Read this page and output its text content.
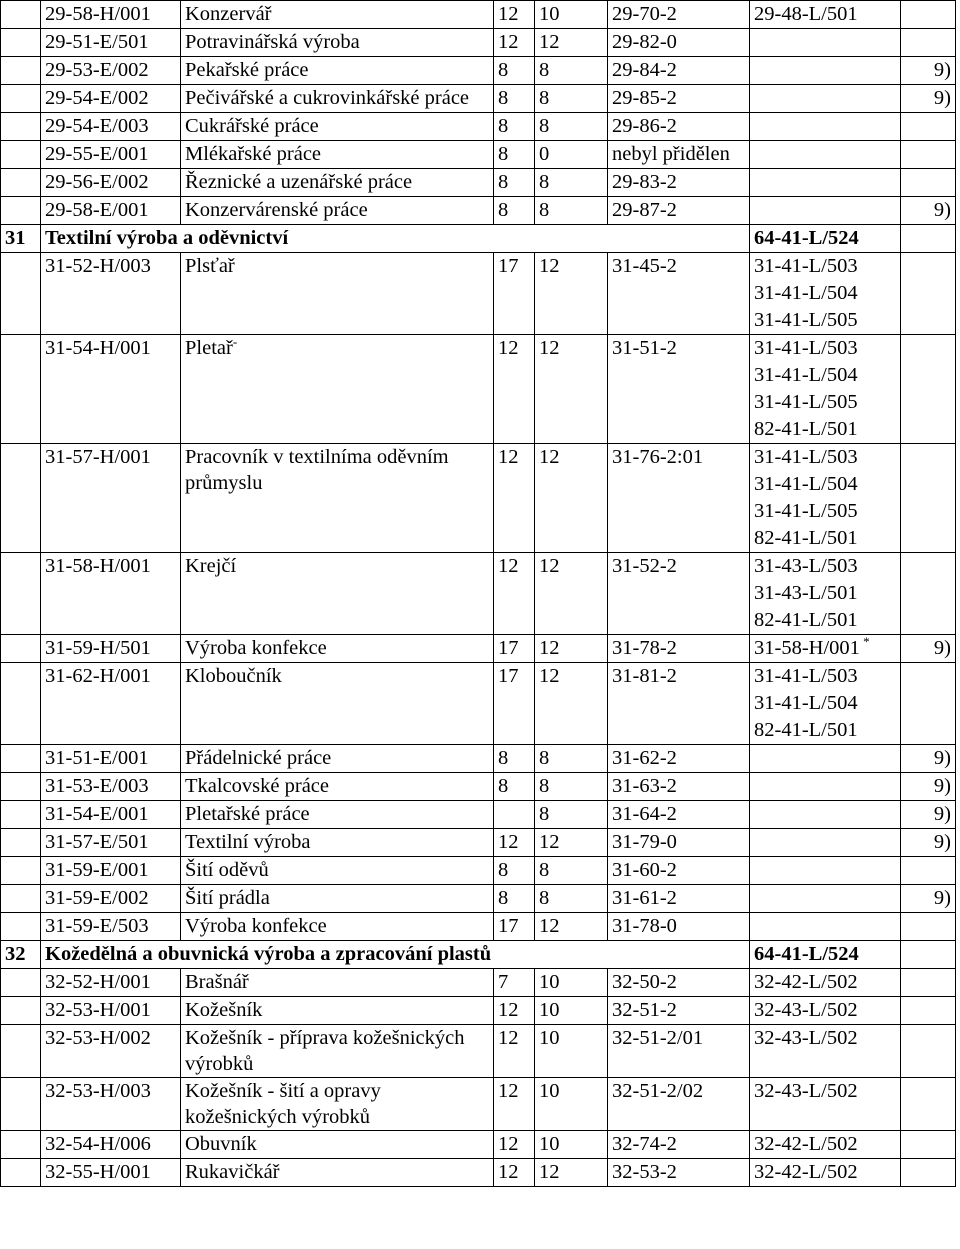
	29-58-H/001	Konzervář	12	10	29-70-2	29-48-L/501	

	29-51-E/501	Potravinářská výroba	12	12	29-82-0		
	29-53-E/002	Pekařské práce	8	8	29-84-2		9)
	29-54-E/002	Pečivářské a cukrovinkářské práce	8	8	29-85-2		9)
	29-54-E/003	Cukrářské práce	8	8	29-86-2		
	29-55-E/001	Mlékařské práce	8	0	nebyl přidělen		
	29-56-E/002	Řeznické a uzenářské práce	8	8	29-83-2		
	29-58-E/001	Konzervárenské práce	8	8	29-87-2		9)
31	Textilní výroba a oděvnictví					64-41-L/524	
	31-52-H/003	Plsťař	17	12	31-45-2	31-41-L/503
31-41-L/504
31-41-L/505	

	31-54-H/001	Pletař-	12	12	31-51-2	31-41-L/503
31-41-L/504
31-41-L/505
82-41-L/501	

	31-57-H/001	Pracovník v textilníma oděvním průmyslu	12	12	31-76-2:01	31-41-L/503
31-41-L/504
31-41-L/505
82-41-L/501	

	31-58-H/001	Krejčí	12	12	31-52-2	31-43-L/503
31-43-L/501
82-41-L/501	

	31-59-H/501	Výroba konfekce	17	12	31-78-2	31-58-H/001 *	9)
	31-62-H/001	Kloboučník	17	12	31-81-2	31-41-L/503
31-41-L/504
82-41-L/501	

	31-51-E/001	Přádelnické práce	8	8	31-62-2		9)
	31-53-E/003	Tkalcovské práce	8	8	31-63-2		9)
	31-54-E/001	Pletařské práce		8	31-64-2		9)
	31-57-E/501	Textilní výroba	12	12	31-79-0		9)
	31-59-E/001	Šití oděvů	8	8	31-60-2		
	31-59-E/002	Šití prádla	8	8	31-61-2		9)
	31-59-E/503	Výroba konfekce	17	12	31-78-0		
32	Kožedělná a obuvnická výroba a zpracování plastů					64-41-L/524	
	32-52-H/001	Brašnář	7	10	32-50-2	32-42-L/502	

	32-53-H/001	Kožešník	12	10	32-51-2	32-43-L/502	

	32-53-H/002	Kožešník - příprava kožešnických výrobků	12	10	32-51-2/01	32-43-L/502	

	32-53-H/003	Kožešník - šití a opravy kožešnických výrobků	12	10	32-51-2/02	32-43-L/502	

	32-54-H/006	Obuvník	12	10	32-74-2	32-42-L/502	

	32-55-H/001	Rukavičkář	12	12	32-53-2	32-42-L/502	
